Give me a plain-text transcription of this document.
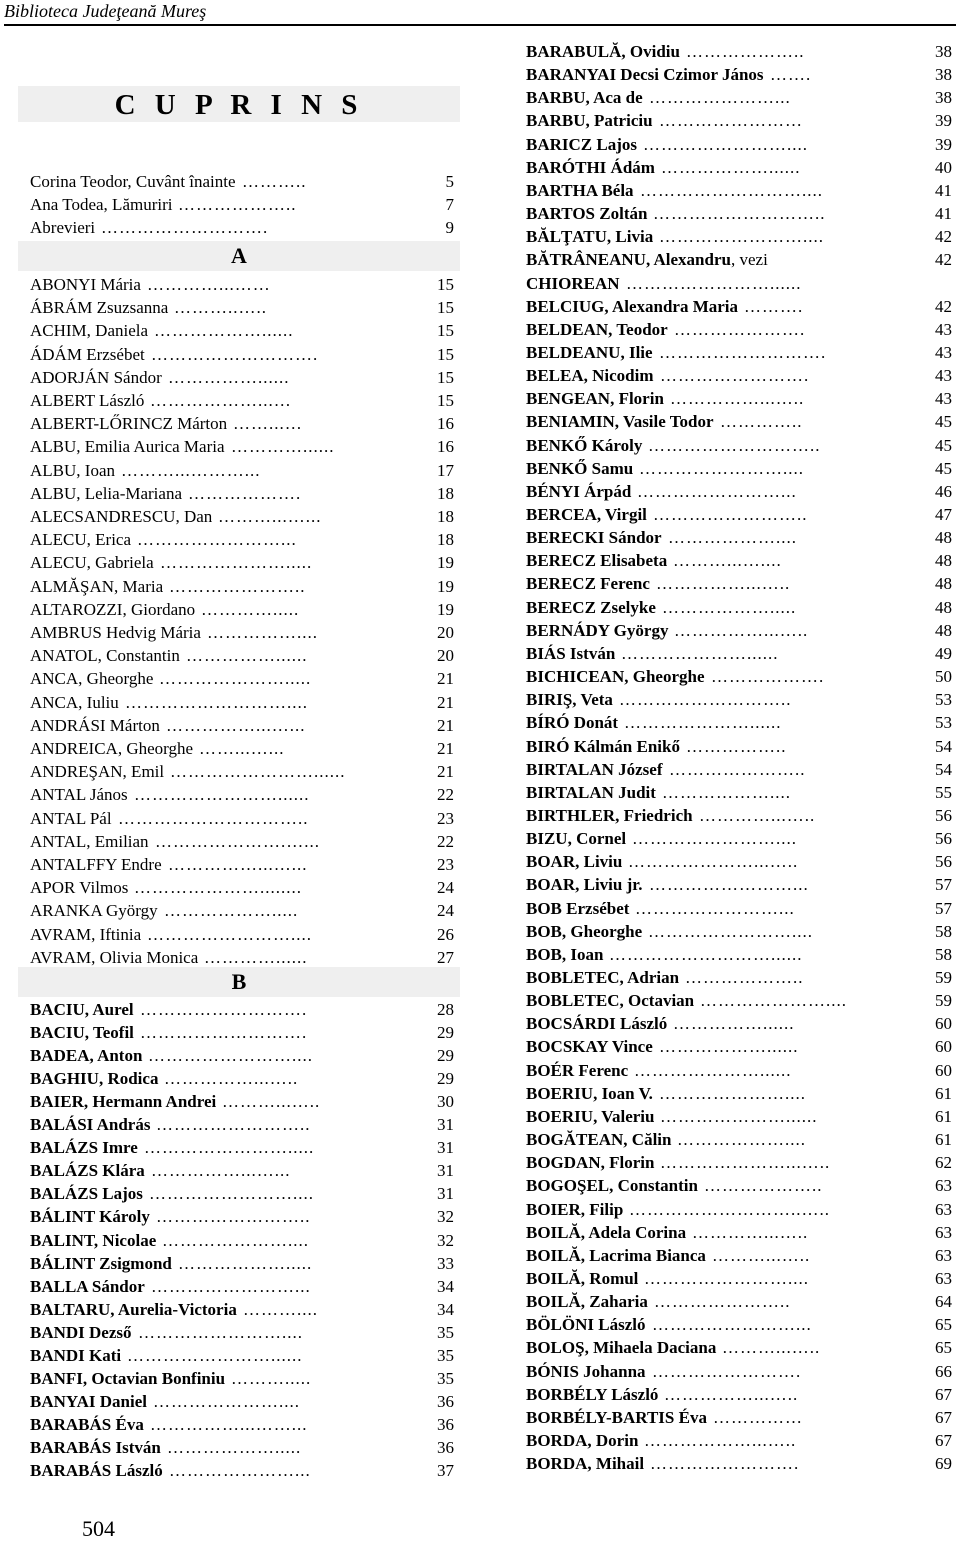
Biblioteca Judeţeană Mureş
C U P R I N S
Corina Teodor, Cuvânt înainte ………..	5
Ana Todea, Lămuriri ………………..	7
Abrevieri ……………………….	9
A
ABONYI Mária …………...……	15
ÁBRÁM Zsuzsanna ………..…..	15
ACHIM, Daniela ………………......	15
ÁDÁM Erzsébet ……………………….	15
ADORJÁN Sándor ……………......	15
ALBERT László ………………...…	15
ALBERT-LŐRINCZ Márton ……...…	16
ALBU, Emilia Aurica Maria …………......	16
ALBU, Ioan ………...………...	17
ALBU, Lelia-Mariana ……………….	18
ALECSANDRESCU, Dan ………...…...	18
ALECU, Erica ……………………...	18
ALECU, Gabriela ………………….....	19
ALMĂŞAN, Maria …………………..	19
ALTAROZZI, Giordano ………….....	19
AMBRUS Hedvig Mária ……………....	20
ANATOL, Constantin ……………......	20
ANCA, Gheorghe ………………….....	21
ANCA, Iuliu ………………………....	21
ANDRÁSI Márton ……………...…...	21
ANDREICA, Gheorghe ……...…...	21
ANDREŞAN, Emil ……………………......	21
ANTAL János ……………………......	22
ANTAL Pál …………………………..	23
ANTAL, Emilian ………………….…...	22
ANTALFFY Endre ……………...…...	23
APOR Vilmos …………………........	24
ARANKA György ……………….....	24
AVRAM, Iftinia ……………………....	26
AVRAM, Olivia Monica …………......	27
B
BACIU, Aurel ……………………….	28
BACIU, Teofil ……………………….	29
BADEA, Anton ……………………....	29
BAGHIU, Rodica ……………...…..	29
BAIER, Hermann Andrei ………...…..	30
BALÁSI András ……………………..	31
BALÁZS Imre …………………….....	31
BALÁZS Klára ……………...…...	31
BALÁZS Lajos ……………………....	31
BÁLINT Károly ……………………..	32
BALINT, Nicolae …………………....	32
BÁLINT Zsigmond ……………….....	33
BALLA Sándor ……………………...	34
BALTARU, Aurelia-Victoria ………....	34
BANDI Dezső ……………………....	35
BANDI Kati ……………………......	35
BANFI, Octavian Bonfiniu ……….....	35
BANYAI Daniel …………………....	36
BARABÁS Éva ……………...……...	36
BARABÁS István ……………….....	36
BARABÁS László …………………...	37
BARABULĂ, Ovidiu ………………..	38
BARANYAI Decsi Czimor János …….	38
BARBU, Aca de …………………...	38
BARBU, Patriciu ……………………	39
BARICZ Lajos ……………………....	39
BARÓTHI Ádám ………………......	40
BARTHA Béla ………………………....	41
BARTOS Zoltán ………………………..	41
BĂLŢATU, Livia ……………………....	42
BĂTRÂNEANU, Alexandru, vezi	42
CHIOREAN ……………………......
BELCIUG, Alexandra Maria ……….	42
BELDEAN, Teodor ………………….	43
BELDEANU, Ilie ……………………….	43
BELEA, Nicodim …………………….	43
BENGEAN, Florin ……………...…..	43
BENIAMIN, Vasile Todor …………..	45
BENKŐ Károly ………………………..	45
BENKŐ Samu ……………………....	45
BÉNYI Árpád ……………………...	46
BERCEA, Virgil ……………………..	47
BERECKI Sándor ………………....	48
BERECZ Elisabeta ………...…....	48
BERECZ Ferenc ……………...…..	48
BERECZ Zselyke ……………….....	48
BERNÁDY György ……………...…..	48
BIÁS István …………………......	49
BICHICEAN, Gheorghe ……………….	50
BIRIŞ, Veta ………………………..	53
BÍRÓ Donát …………………......	53
BIRÓ Kálmán Enikő ……………..	54
BIRTALAN József …………………..	54
BIRTALAN Judit ………………....	55
BIRTHLER, Friedrich …………...…..	56
BIZU, Cornel ……………………....	56
BOAR, Liviu …………………...…..	56
BOAR, Liviu jr. ……………………...	57
BOB Erzsébet ……………………...	57
BOB, Gheorghe ……………………....	58
BOB, Ioan ………………………......	58
BOBLETEC, Adrian ………………..	59
BOBLETEC, Octavian …………………....	59
BOCSÁRDI László ……………......	60
BOCSKAY Vince ………………......	60
BOÉR Ferenc …………………......	60
BOERIU, Ioan V. …………………....	61
BOERIU, Valeriu …………………......	61
BOGĂTEAN, Călin ………………....	61
BOGDAN, Florin …………………...…..	62
BOGOŞEL, Constantin ………………..	63
BOIER, Filip ………………………..…..	63
BOILĂ, Adela Corina …………...…..	63
BOILĂ, Lacrima Bianca ………...…..	63
BOILĂ, Romul ……………………....	63
BOILĂ, Zaharia …………………..	64
BÖLÖNI László ……………………...	65
BOLOŞ, Mihaela Daciana ………...…..	65
BÓNIS Johanna …………………….	66
BORBÉLY László ……………...…..	67
BORBÉLY-BARTIS Éva ……………	67
BORDA, Dorin ………………...…..	67
BORDA, Mihail …………………….	69
504
